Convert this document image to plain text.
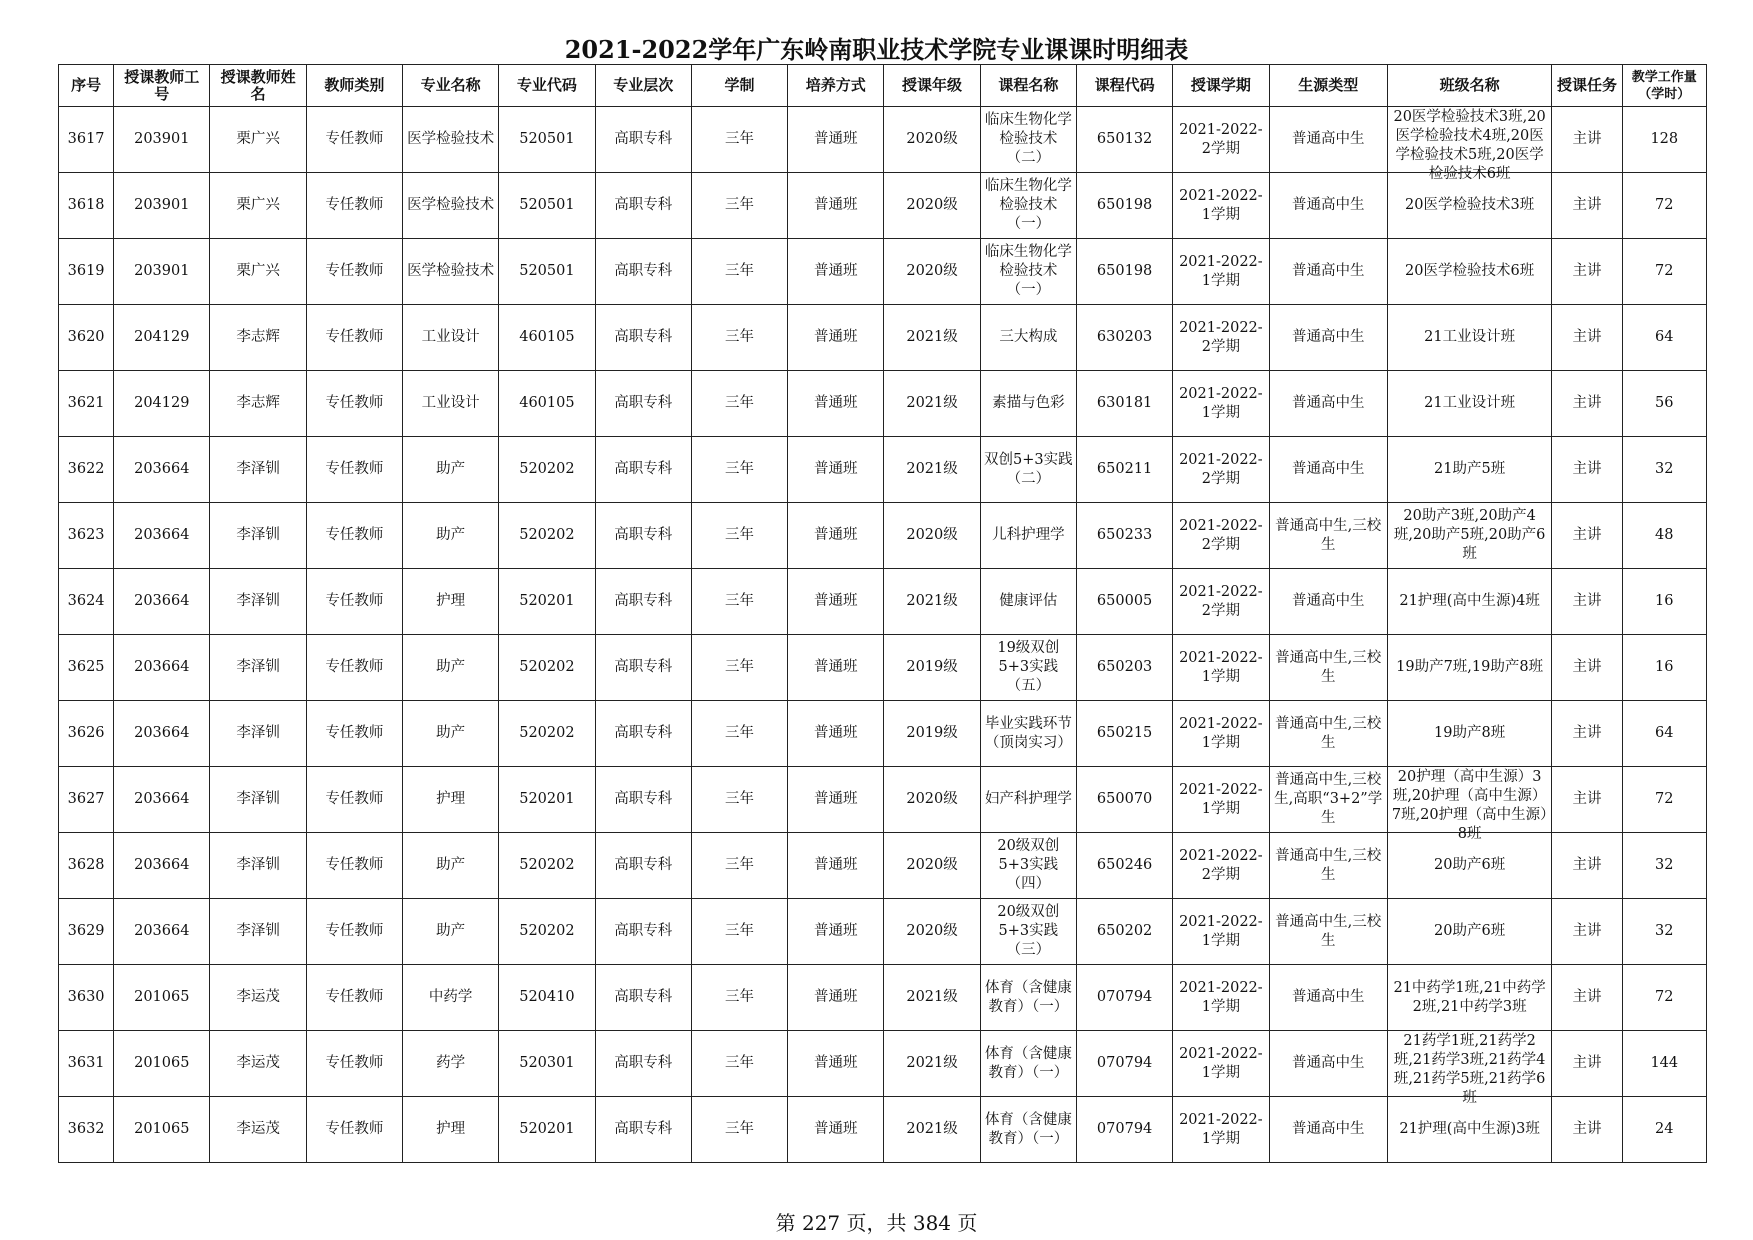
2021-2022学年广东岭南职业技术学院专业课课时明细表
序号	授课教师工号	授课教师姓名	教师类别	专业名称	专业代码	专业层次	学制	培养方式	授课年级	课程名称	课程代码	授课学期	生源类型	班级名称	授课任务	教学工作量（学时）

3617	203901	栗广兴	专任教师	医学检验技术	520501	高职专科	三年	普通班	2020级	临床生物化学检验技术（二）	650132	2021-2022-2学期	普通高中生	20医学检验技术3班,20医学检验技术4班,20医学检验技术5班,20医学检验技术6班	主讲	128

3618	203901	栗广兴	专任教师	医学检验技术	520501	高职专科	三年	普通班	2020级	临床生物化学检验技术（一）	650198	2021-2022-1学期	普通高中生	20医学检验技术3班	主讲	72

3619	203901	栗广兴	专任教师	医学检验技术	520501	高职专科	三年	普通班	2020级	临床生物化学检验技术（一）	650198	2021-2022-1学期	普通高中生	20医学检验技术6班	主讲	72

3620	204129	李志辉	专任教师	工业设计	460105	高职专科	三年	普通班	2021级	三大构成	630203	2021-2022-2学期	普通高中生	21工业设计班	主讲	64

3621	204129	李志辉	专任教师	工业设计	460105	高职专科	三年	普通班	2021级	素描与色彩	630181	2021-2022-1学期	普通高中生	21工业设计班	主讲	56

3622	203664	李泽钏	专任教师	助产	520202	高职专科	三年	普通班	2021级	双创5+3实践（二）	650211	2021-2022-2学期	普通高中生	21助产5班	主讲	32

3623	203664	李泽钏	专任教师	助产	520202	高职专科	三年	普通班	2020级	儿科护理学	650233	2021-2022-2学期	普通高中生,三校生	20助产3班,20助产4班,20助产5班,20助产6班	主讲	48

3624	203664	李泽钏	专任教师	护理	520201	高职专科	三年	普通班	2021级	健康评估	650005	2021-2022-2学期	普通高中生	21护理(高中生源)4班	主讲	16

3625	203664	李泽钏	专任教师	助产	520202	高职专科	三年	普通班	2019级	19级双创5+3实践（五）	650203	2021-2022-1学期	普通高中生,三校生	19助产7班,19助产8班	主讲	16

3626	203664	李泽钏	专任教师	助产	520202	高职专科	三年	普通班	2019级	毕业实践环节（顶岗实习）	650215	2021-2022-1学期	普通高中生,三校生	19助产8班	主讲	64

3627	203664	李泽钏	专任教师	护理	520201	高职专科	三年	普通班	2020级	妇产科护理学	650070	2021-2022-1学期	普通高中生,三校生,高职“3+2”学生	20护理（高中生源）3班,20护理（高中生源）7班,20护理（高中生源）8班	主讲	72

3628	203664	李泽钏	专任教师	助产	520202	高职专科	三年	普通班	2020级	20级双创5+3实践（四）	650246	2021-2022-2学期	普通高中生,三校生	20助产6班	主讲	32

3629	203664	李泽钏	专任教师	助产	520202	高职专科	三年	普通班	2020级	20级双创5+3实践（三）	650202	2021-2022-1学期	普通高中生,三校生	20助产6班	主讲	32

3630	201065	李运茂	专任教师	中药学	520410	高职专科	三年	普通班	2021级	体育（含健康教育）（一）	070794	2021-2022-1学期	普通高中生	21中药学1班,21中药学2班,21中药学3班	主讲	72

3631	201065	李运茂	专任教师	药学	520301	高职专科	三年	普通班	2021级	体育（含健康教育）（一）	070794	2021-2022-1学期	普通高中生	21药学1班,21药学2班,21药学3班,21药学4班,21药学5班,21药学6班	主讲	144

3632	201065	李运茂	专任教师	护理	520201	高职专科	三年	普通班	2021级	体育（含健康教育）（一）	070794	2021-2022-1学期	普通高中生	21护理(高中生源)3班	主讲	24
第 227 页，共 384 页
